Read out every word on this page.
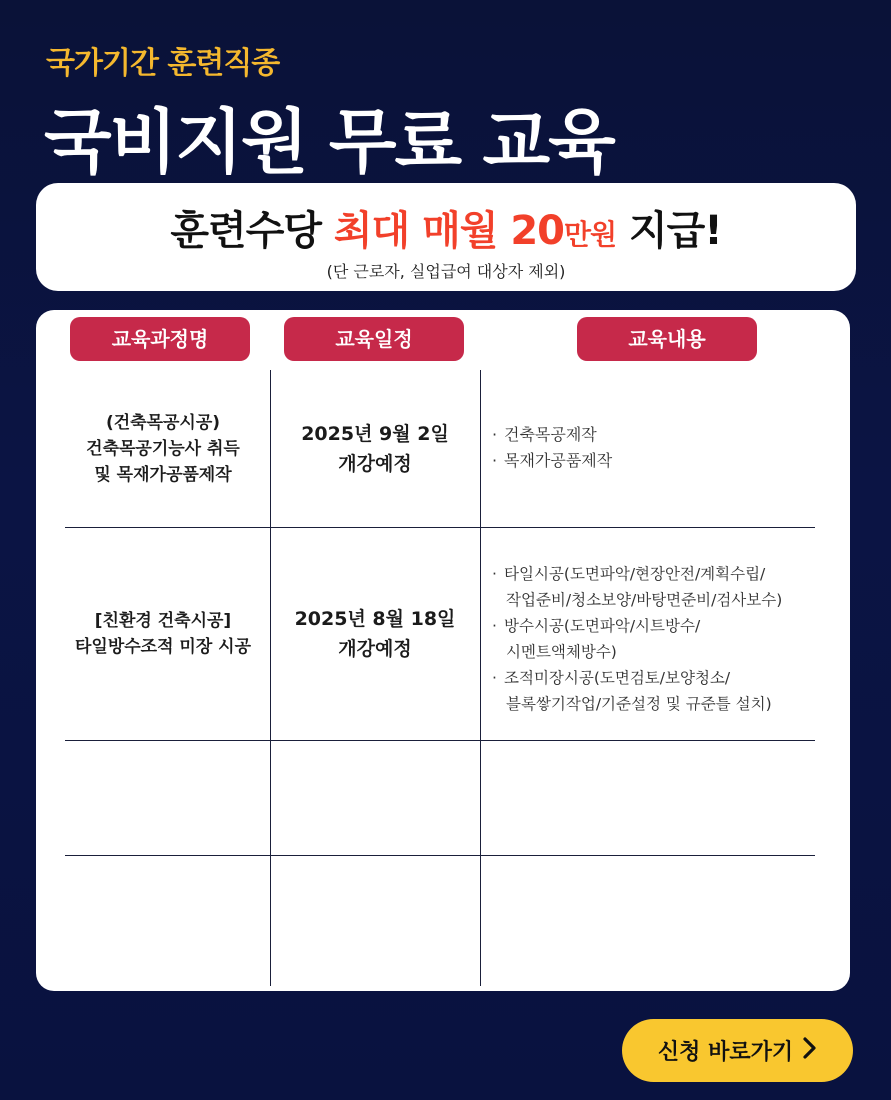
국가기간 훈련직종
국비지원 무료 교육
훈련수당 최대 매월 20만원 지급!
(단 근로자, 실업급여 대상자 제외)
교육과정명	교육일정	교육내용
(건축목공시공)
건축목공기능사 취득
및 목재가공품제작
2025년 9월 2일
개강예정
· 건축목공제작
· 목재가공품제작
[친환경 건축시공]
타일방수조적 미장 시공
2025년 8월 18일
개강예정
· 타일시공(도면파악/현장안전/계획수립/
작업준비/청소보양/바탕면준비/검사보수)
· 방수시공(도면파악/시트방수/
시멘트액체방수)
· 조적미장시공(도면검토/보양청소/
블록쌓기작업/기준설정 및 규준틀 설치)
신청 바로가기
